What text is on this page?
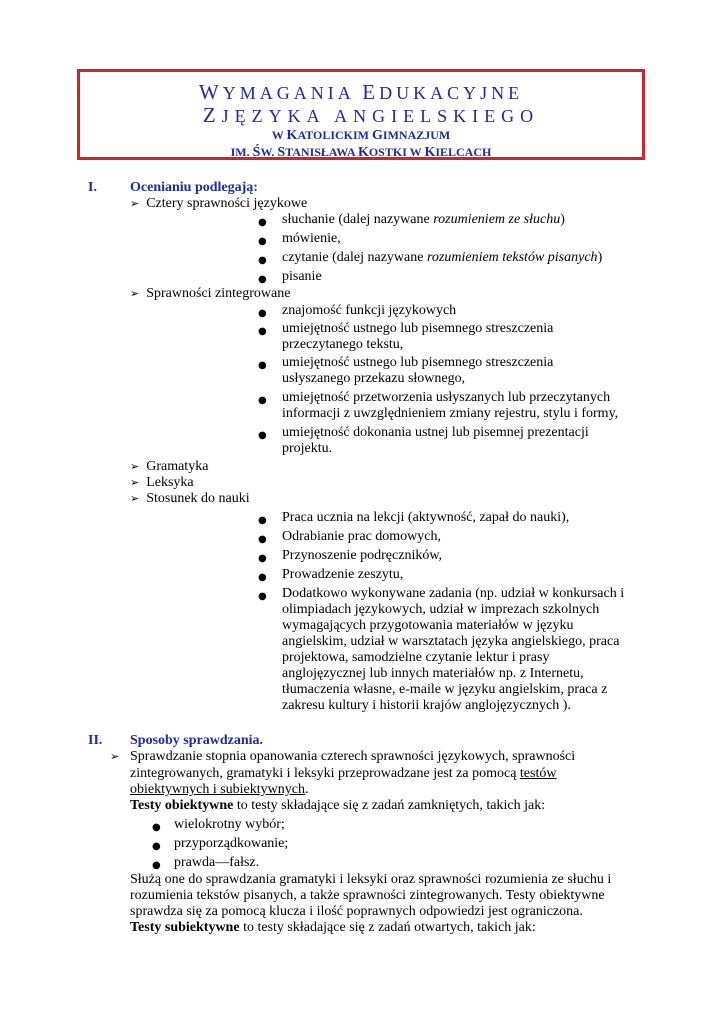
WYMAGANIA EDUKACYJNE
ZJĘZYKA ANGIELSKIEGO
W KATOLICKIM GIMNAZJUM
IM. ŚW. STANISŁAWA KOSTKI W KIELCACH
I. Ocenianiu podlegają:
➢ Cztery sprawności językowe
● słuchanie (dalej nazywane rozumieniem ze słuchu)
● mówienie,
● czytanie (dalej nazywane rozumieniem tekstów pisanych)
● pisanie
➢ Sprawności zintegrowane
● znajomość funkcji językowych
● umiejętność ustnego lub pisemnego streszczenia
przeczytanego tekstu,
● umiejętność ustnego lub pisemnego streszczenia
usłyszanego przekazu słownego,
● umiejętność przetworzenia usłyszanych lub przeczytanych
informacji z uwzględnieniem zmiany rejestru, stylu i formy,
● umiejętność dokonania ustnej lub pisemnej prezentacji
projektu.
➢ Gramatyka
➢ Leksyka
➢ Stosunek do nauki
● Praca ucznia na lekcji (aktywność, zapał do nauki),
● Odrabianie prac domowych,
● Przynoszenie podręczników,
● Prowadzenie zeszytu,
● Dodatkowo wykonywane zadania (np. udział w konkursach i
olimpiadach językowych, udział w imprezach szkolnych
wymagających przygotowania materiałów w języku
angielskim, udział w warsztatach języka angielskiego, praca
projektowa, samodzielne czytanie lektur i prasy
anglojęzycznej lub innych materiałów np. z Internetu,
tłumaczenia własne, e-maile w języku angielskim, praca z
zakresu kultury i historii krajów anglojęzycznych ).
II. Sposoby sprawdzania.
➢ Sprawdzanie stopnia opanowania czterech sprawności językowych, sprawności
zintegrowanych, gramatyki i leksyki przeprowadzane jest za pomocą testów
obiektywnych i subiektywnych.
Testy obiektywne to testy składające się z zadań zamkniętych, takich jak:
● wielokrotny wybór;
● przyporządkowanie;
● prawda—fałsz.
Służą one do sprawdzania gramatyki i leksyki oraz sprawności rozumienia ze słuchu i
rozumienia tekstów pisanych, a także sprawności zintegrowanych. Testy obiektywne
sprawdza się za pomocą klucza i ilość poprawnych odpowiedzi jest ograniczona.
Testy subiektywne to testy składające się z zadań otwartych, takich jak:
